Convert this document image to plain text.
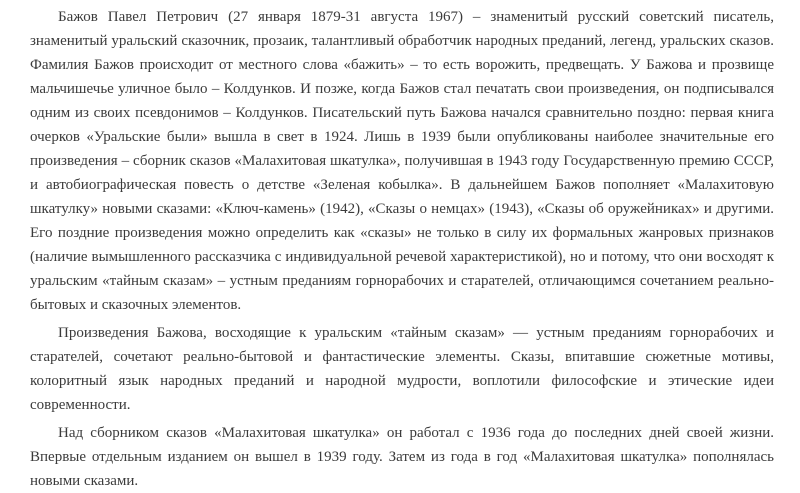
Бажов Павел Петрович (27 января 1879-31 августа 1967) – знаменитый русский советский писатель, знаменитый уральский сказочник, прозаик, талантливый обработчик народных преданий, легенд, уральских сказов. Фамилия Бажов происходит от местного слова «бажить» – то есть ворожить, предвещать. У Бажова и прозвище мальчишечье уличное было – Колдунков. И позже, когда Бажов стал печатать свои произведения, он подписывался одним из своих псевдонимов – Колдунков. Писательский путь Бажова начался сравнительно поздно: первая книга очерков «Уральские были» вышла в свет в 1924. Лишь в 1939 были опубликованы наиболее значительные его произведения – сборник сказов «Малахитовая шкатулка», получившая в 1943 году Государственную премию СССР, и автобиографическая повесть о детстве «Зеленая кобылка». В дальнейшем Бажов пополняет «Малахитовую шкатулку» новыми сказами: «Ключ-камень» (1942), «Сказы о немцах» (1943), «Сказы об оружейниках» и другими. Его поздние произведения можно определить как «сказы» не только в силу их формальных жанровых признаков (наличие вымышленного рассказчика с индивидуальной речевой характеристикой), но и потому, что они восходят к уральским «тайным сказам» – устным преданиям горнорабочих и старателей, отличающимся сочетанием реально-бытовых и сказочных элементов.

Произведения Бажова, восходящие к уральским «тайным сказам» — устным преданиям горнорабочих и старателей, сочетают реально-бытовой и фантастические элементы. Сказы, впитавшие сюжетные мотивы, колоритный язык народных преданий и народной мудрости, воплотили философские и этические идеи современности.

Над сборником сказов «Малахитовая шкатулка» он работал с 1936 года до последних дней своей жизни. Впервые отдельным изданием он вышел в 1939 году. Затем из года в год «Малахитовая шкатулка» пополнялась новыми сказами.
